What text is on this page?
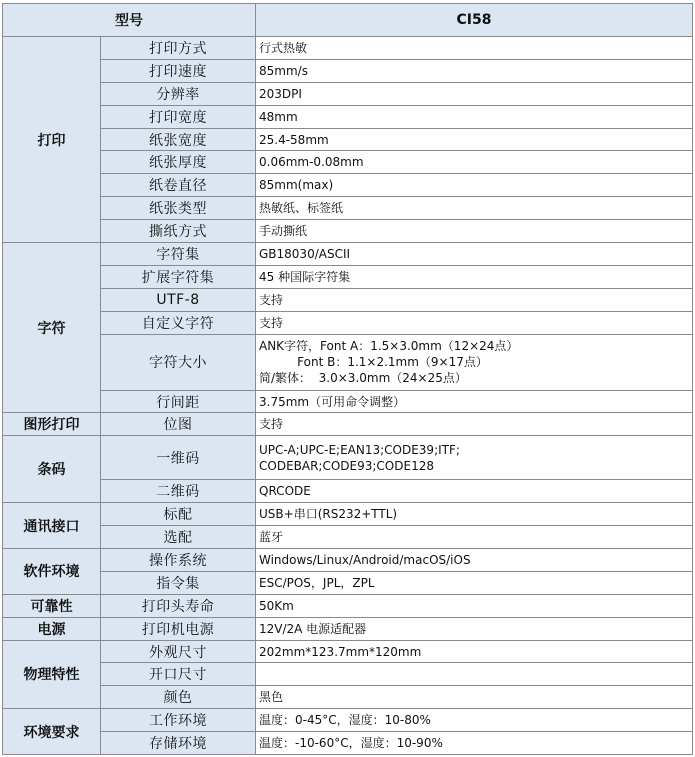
型号		CI58
打印	打印方式	行式热敏
	打印速度	85mm/s
	分辨率	203DPI
	打印宽度	48mm
	纸张宽度	25.4-58mm
	纸张厚度	0.06mm-0.08mm
	纸卷直径	85mm(max)
	纸张类型	热敏纸、标签纸
	撕纸方式	手动撕纸
字符	字符集	GB18030/ASCII
	扩展字符集	45 种国际字符集
	UTF-8	支持
	自定义字符	支持
	字符大小	ANK字符，Font A：1.5×3.0mm（12×24点）
Font B：1.1×2.1mm（9×17点）
简/繁体：  3.0×3.0mm（24×25点）

	行间距	3.75mm（可用命令调整）
图形打印	位图	支持
条码	一维码	UPC-A;UPC-E;EAN13;CODE39;ITF;
CODEBAR;CODE93;CODE128

	二维码	QRCODE
通讯接口	标配	USB+串口(RS232+TTL)
	选配	蓝牙
软件环境	操作系统	Windows/Linux/Android/macOS/iOS
	指令集	ESC/POS，JPL，ZPL
可靠性	打印头寿命	50Km
电源	打印机电源	12V/2A 电源适配器
物理特性	外观尺寸	202mm*123.7mm*120mm
	开口尺寸	
	颜色	黑色
环境要求	工作环境	温度：0-45°C，湿度：10-80%
	存储环境	温度：-10-60°C，湿度：10-90%
